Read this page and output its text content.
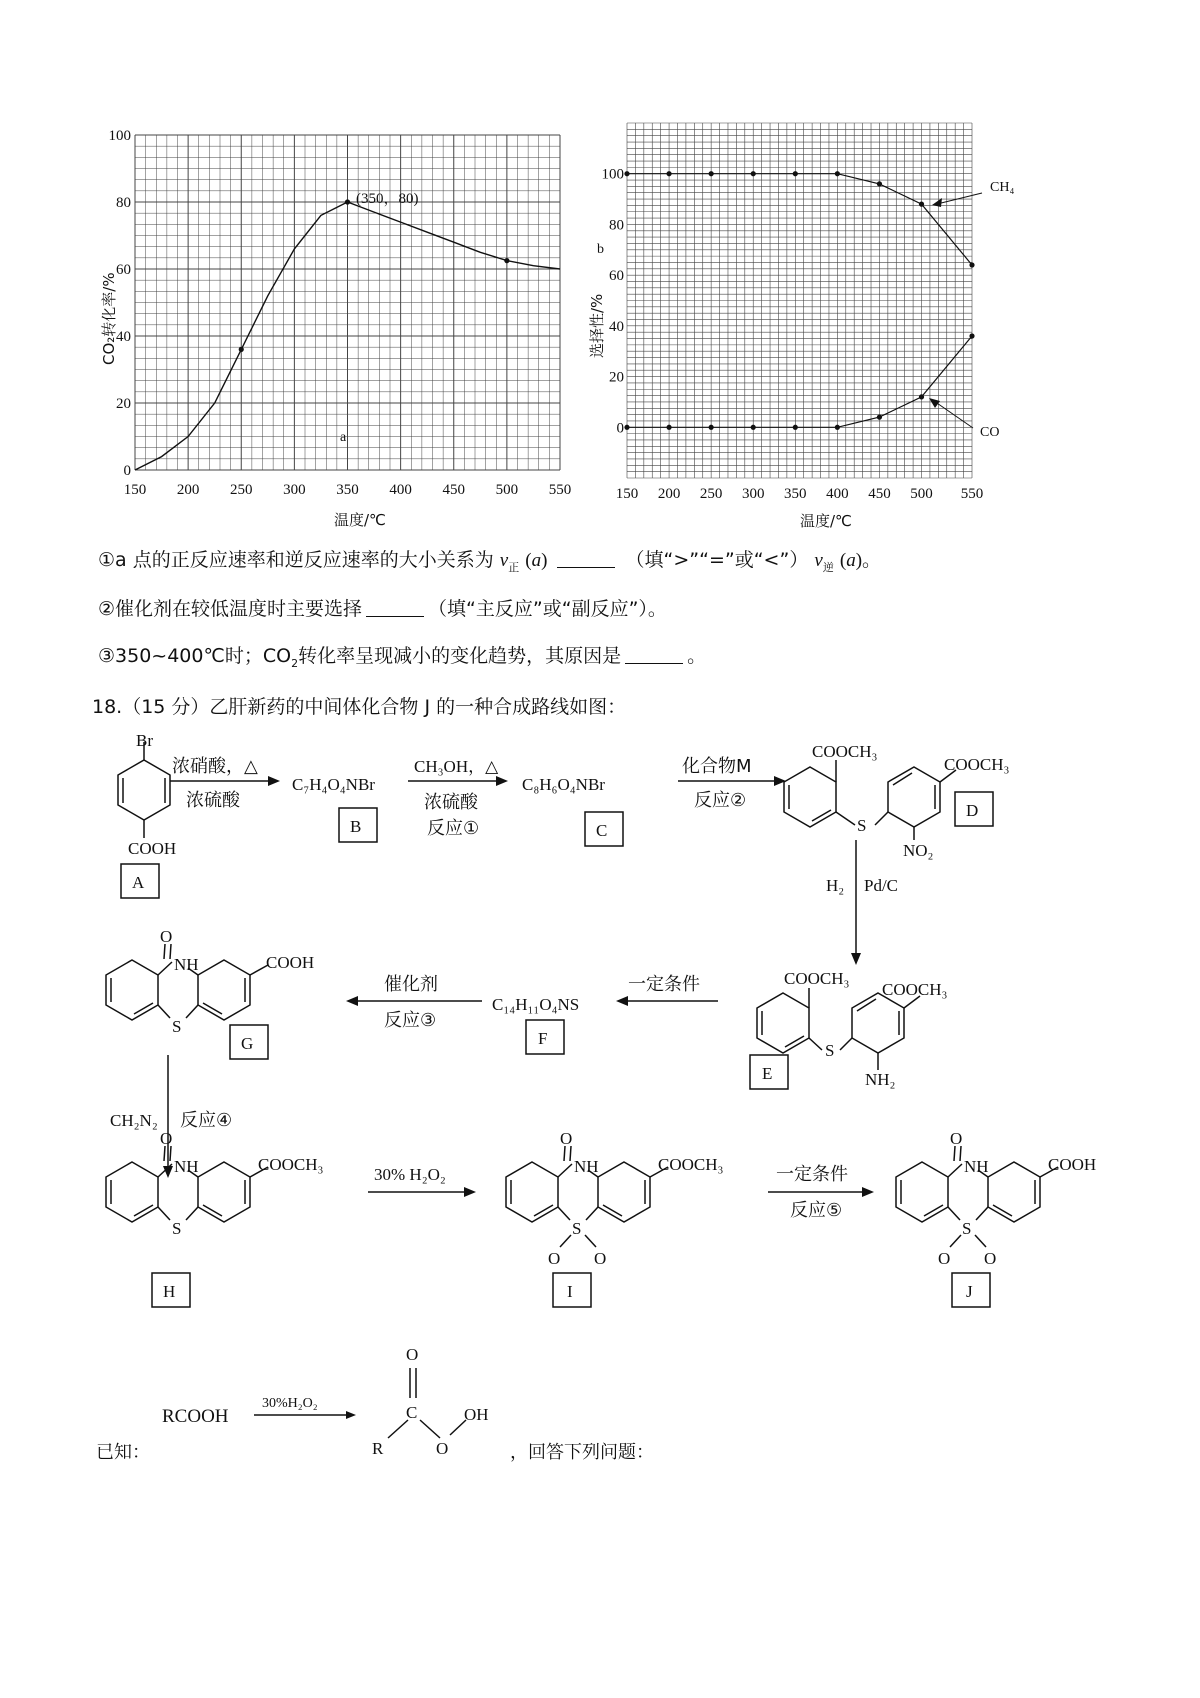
150 200 250 300 350 400 450 500 550
0
20
40
60
80
100
a
b
(350，80)
温度/℃
CO₂转化率/%
150 200 250 300 350 400 450 500 550
0
20
40
60
80
100
CH₄
CO
温度/℃
选择性/%
①a 点的正反应速率和逆反应速率的大小关系为 $v_正$ (a)	（填“>”“=”或“<”） $v_逆$ (a)。
②催化剂在较低温度时主要选择	（填“主反应”或“副反应”）。
③350~400℃时；$CO_2$转化率呈现减小的变化趋势，其原因是	。
18.（15 分）乙肝新药的中间体化合物 J 的一种合成路线如图：
Br
COOH
浓硝酸，△
浓硫酸
C₇H₄O₄NBr
CH₃OH，△
浓硫酸
反应①
C₈H₆O₄NBr
化合物M
反应②
COOCH₃
COOCH₃
S
NO₂
H₂ Pd/C
COOCH₃
COOCH₃
S
NH₂
一定条件
C₁₄H₁₁O₄NS
催化剂
反应③
O
NH	COOH
S
CH₂N₂ 反应④
O
NH	COOCH₃
S
30% H₂O₂
O
NH	COOCH₃
S
O O
一定条件
反应⑤
O
NH	COOH
S
O O
A
B	C
D
E
F
G
H	I	J
RCOOH
30%H₂O₂
O
C
R	O
OH
已知：	，回答下列问题：
